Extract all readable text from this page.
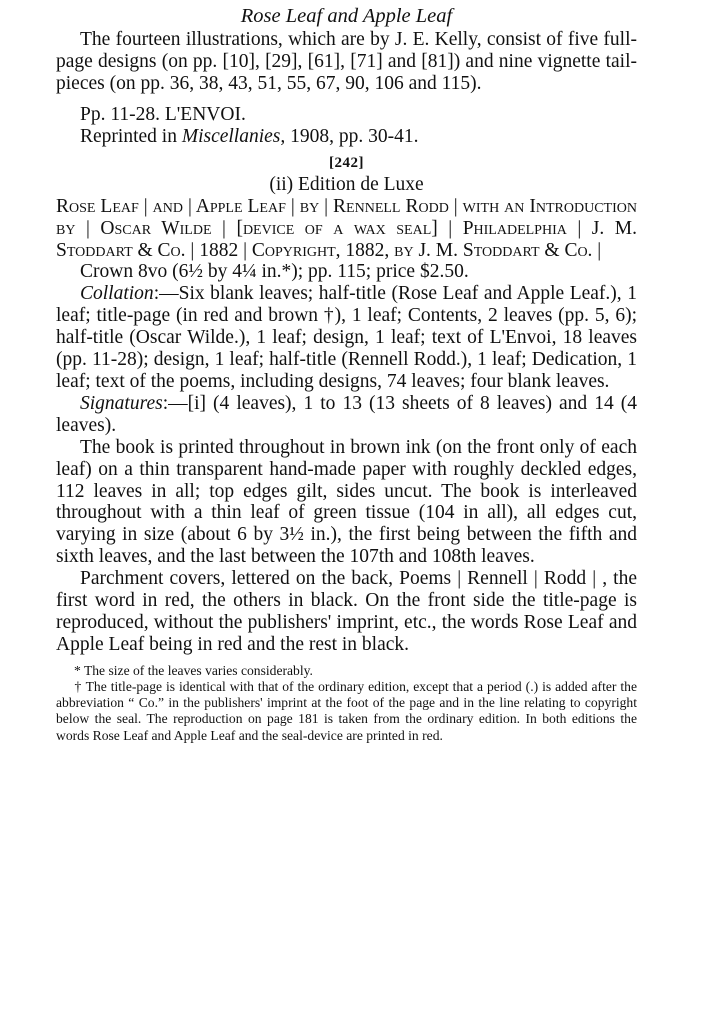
Rose Leaf and Apple Leaf

The fourteen illustrations, which are by J. E. Kelly, consist of five full-page designs (on pp. [10], [29], [61], [71] and [81]) and nine vignette tail-pieces (on pp. 36, 38, 43, 51, 55, 67, 90, 106 and 115).

Pp. 11-28. L'ENVOI.

Reprinted in Miscellanies, 1908, pp. 30-41.

[242]

(ii) Edition de Luxe

Rose Leaf | and | Apple Leaf | by | Rennell Rodd | with an Introduction by | Oscar Wilde | [device of a wax seal] | Philadelphia | J. M. Stoddart & Co. | 1882 | Copyright, 1882, by J. M. Stoddart & Co. |

Crown 8vo (6½ by 4¼ in.*); pp. 115; price $2.50.

Collation:—Six blank leaves; half-title (Rose Leaf and Apple Leaf.), 1 leaf; title-page (in red and brown †), 1 leaf; Contents, 2 leaves (pp. 5, 6); half-title (Oscar Wilde.), 1 leaf; design, 1 leaf; text of L'Envoi, 18 leaves (pp. 11-28); design, 1 leaf; half-title (Rennell Rodd.), 1 leaf; Dedication, 1 leaf; text of the poems, including designs, 74 leaves; four blank leaves.

Signatures:—[i] (4 leaves), 1 to 13 (13 sheets of 8 leaves) and 14 (4 leaves).

The book is printed throughout in brown ink (on the front only of each leaf) on a thin transparent hand-made paper with roughly deckled edges, 112 leaves in all; top edges gilt, sides uncut. The book is interleaved throughout with a thin leaf of green tissue (104 in all), all edges cut, varying in size (about 6 by 3½ in.), the first being between the fifth and sixth leaves, and the last between the 107th and 108th leaves.

Parchment covers, lettered on the back, Poems | Rennell | Rodd | , the first word in red, the others in black. On the front side the title-page is reproduced, without the publishers' imprint, etc., the words Rose Leaf and Apple Leaf being in red and the rest in black.

* The size of the leaves varies considerably.

† The title-page is identical with that of the ordinary edition, except that a period (.) is added after the abbreviation “ Co.” in the publishers' imprint at the foot of the page and in the line relating to copyright below the seal. The reproduction on page 181 is taken from the ordinary edition. In both editions the words Rose Leaf and Apple Leaf and the seal-device are printed in red.
